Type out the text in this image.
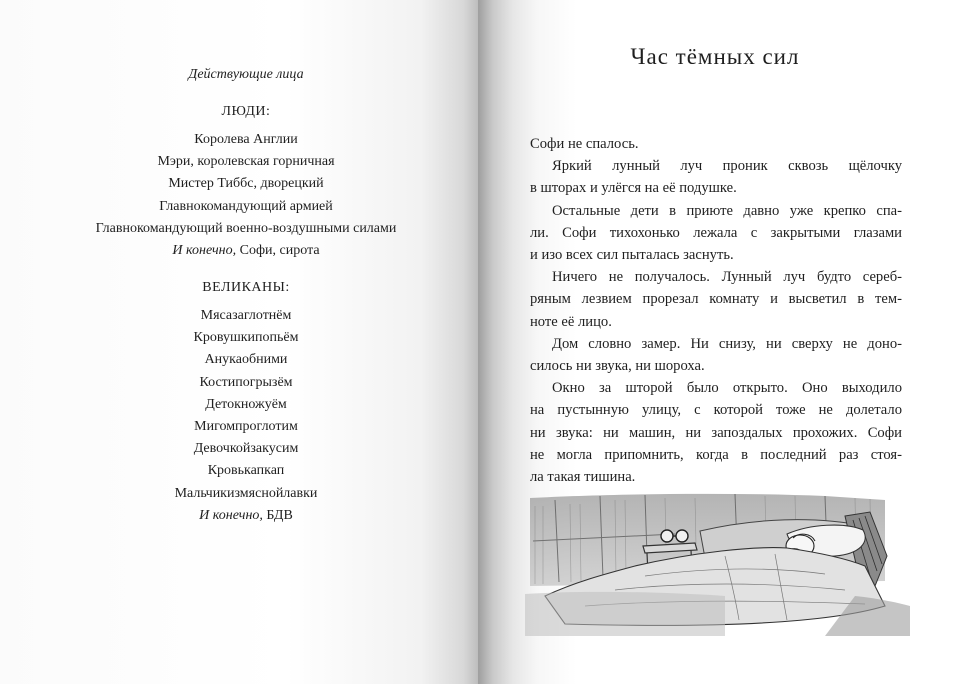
Действующие лица
ЛЮДИ:
Королева Англии
Мэри, королевская горничная
Мистер Тиббс, дворецкий
Главнокомандующий армией
Главнокомандующий военно-воздушными силами
И конечно, Софи, сирота
ВЕЛИКАНЫ:
Мясазаглотнём
Кровушкипопьём
Анукаобними
Костипогрызём
Детокножуём
Мигомпроглотим
Девочкойзакусим
Кровькапкап
Мальчикизмяснойлавки
И конечно, БДВ
Час тёмных сил
Софи не спалось.
Яркий лунный луч проник сквозь щёлочку
в шторах и улёгся на её подушке.
Остальные дети в приюте давно уже крепко спа-
ли. Софи тихохонько лежала с закрытыми глазами
и изо всех сил пыталась заснуть.
Ничего не получалось. Лунный луч будто сереб-
ряным лезвием прорезал комнату и высветил в тем-
ноте её лицо.
Дом словно замер. Ни снизу, ни сверху не доно-
силось ни звука, ни шороха.
Окно за шторой было открыто. Оно выходило
на пустынную улицу, с которой тоже не долетало
ни звука: ни машин, ни запоздалых прохожих. Софи
не могла припомнить, когда в последний раз стоя-
ла такая тишина.
